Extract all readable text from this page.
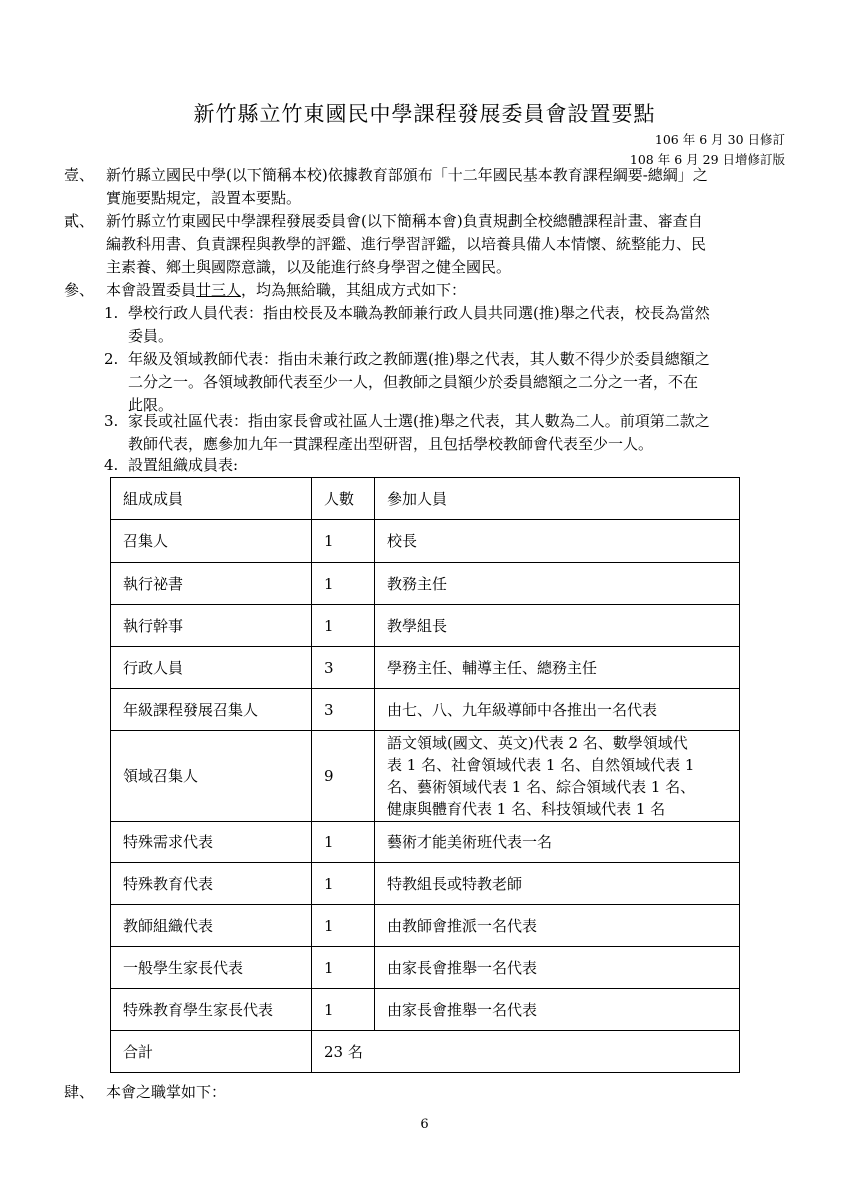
新竹縣立竹東國民中學課程發展委員會設置要點
106 年 6 月 30 日修訂
108 年 6 月 29 日增修訂版
壹、 新竹縣立國民中學(以下簡稱本校)依據教育部頒布「十二年國民基本教育課程綱要-總綱」之
實施要點規定，設置本要點。
貳、 新竹縣立竹東國民中學課程發展委員會(以下簡稱本會)負責規劃全校總體課程計畫、審查自
編教科用書、負責課程與教學的評鑑、進行學習評鑑，以培養具備人本情懷、統整能力、民
主素養、鄉土與國際意識，以及能進行終身學習之健全國民。
參、 本會設置委員廿三人，均為無給職，其組成方式如下：
1. 學校行政人員代表：指由校長及本職為教師兼行政人員共同選(推)舉之代表，校長為當然
委員。
2. 年級及領域教師代表：指由未兼行政之教師選(推)舉之代表，其人數不得少於委員總額之
二分之一。各領域教師代表至少一人，但教師之員額少於委員總額之二分之一者，不在
此限。
3. 家長或社區代表：指由家長會或社區人士選(推)舉之代表，其人數為二人。前項第二款之
教師代表，應參加九年一貫課程產出型研習，且包括學校教師會代表至少一人。
4. 設置組織成員表:
組成成員	人數	參加人員
召集人	1	校長
執行祕書	1	教務主任
執行幹事	1	教學組長
行政人員	3	學務主任、輔導主任、總務主任
年級課程發展召集人	3	由七、八、九年級導師中各推出一名代表
領域召集人	9	語文領域(國文、英文)代表 2 名、數學領域代
表 1 名、社會領域代表 1 名、自然領域代表 1
名、藝術領域代表 1 名、綜合領域代表 1 名、
健康與體育代表 1 名、科技領域代表 1 名

特殊需求代表	1	藝術才能美術班代表一名
特殊教育代表	1	特教組長或特教老師
教師組織代表	1	由教師會推派一名代表
一般學生家長代表	1	由家長會推舉一名代表
特殊教育學生家長代表	1	由家長會推舉一名代表
合計	23 名	
肆、 本會之職掌如下：
6
